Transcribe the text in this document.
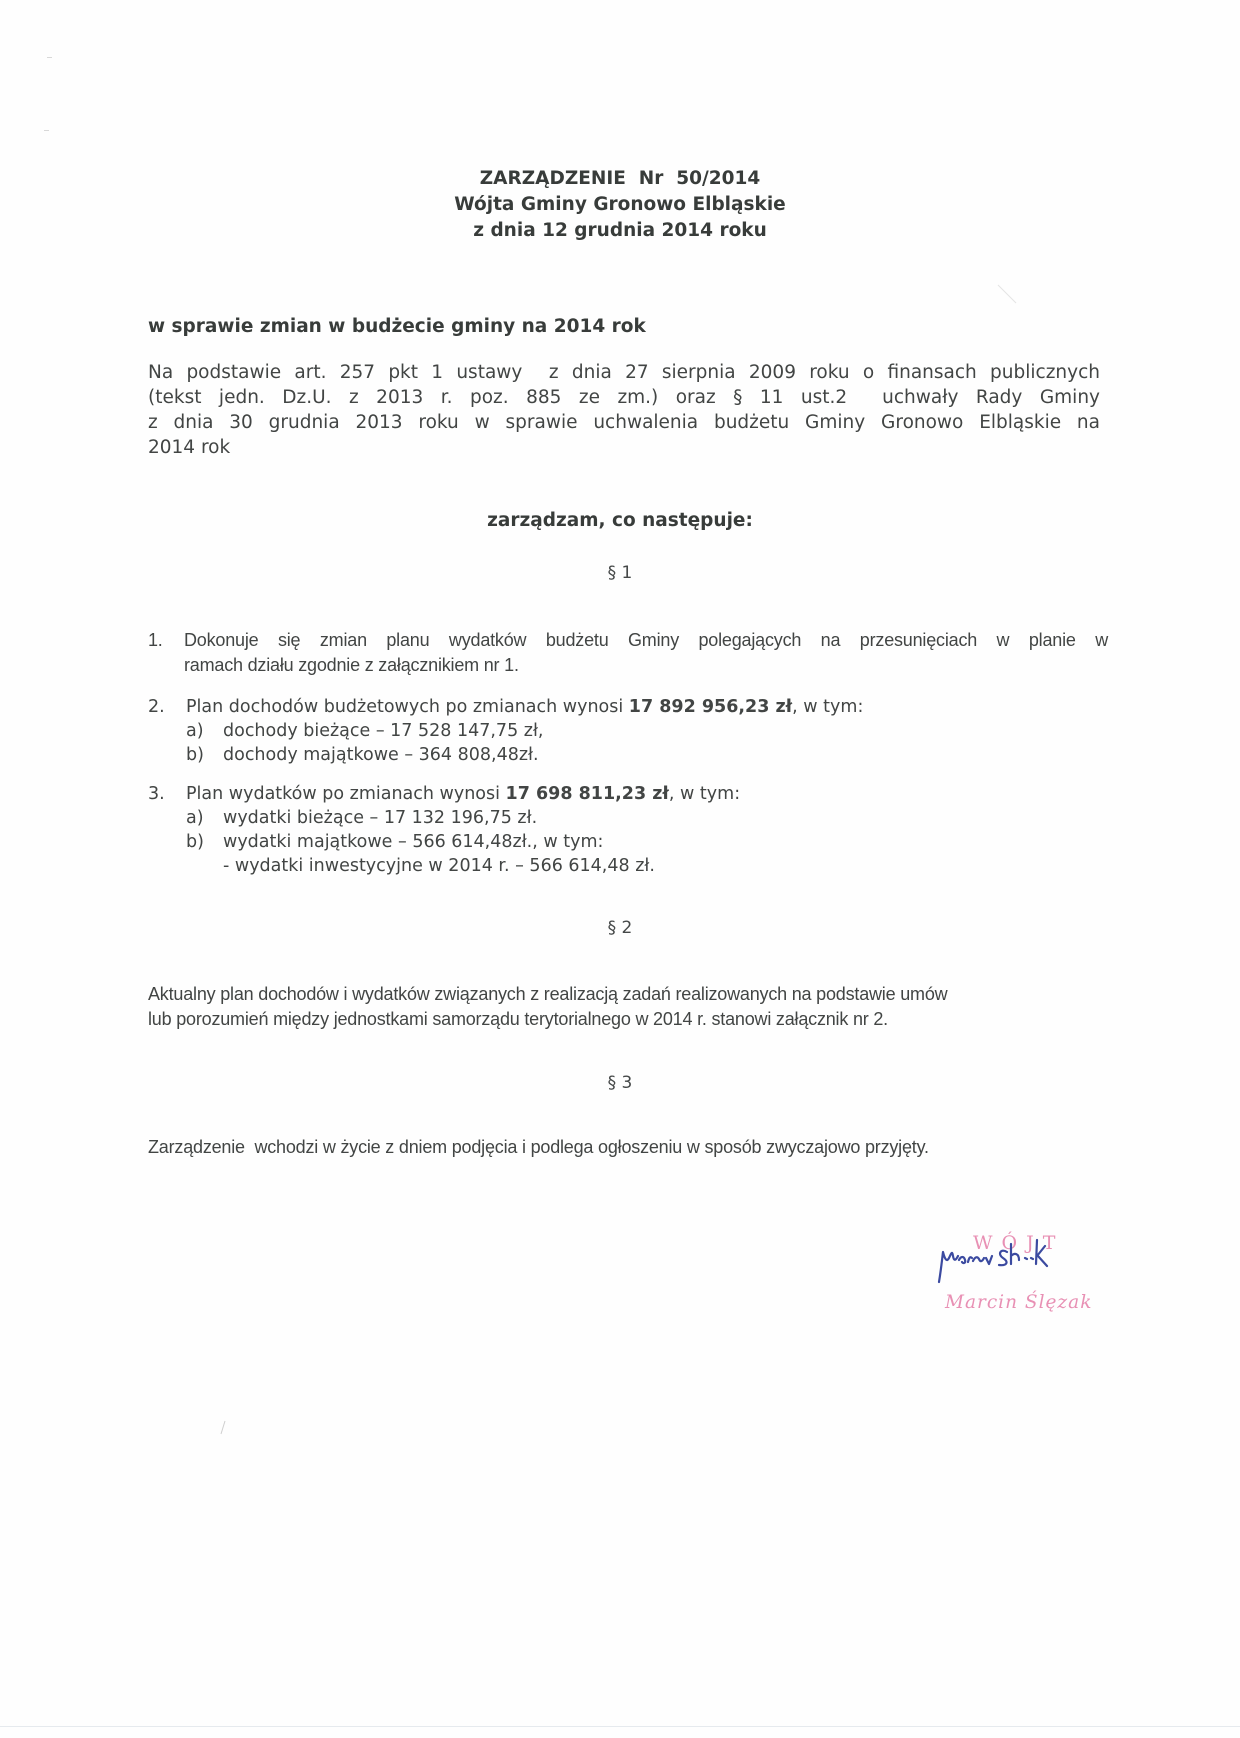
ZARZĄDZENIE  Nr  50/2014
Wójta Gminy Gronowo Elbląskie
z dnia 12 grudnia 2014 roku
w sprawie zmian w budżecie gminy na 2014 rok
Na podstawie art. 257 pkt 1 ustawy  z dnia 27 sierpnia 2009 roku o finansach publicznych
(tekst jedn. Dz.U. z 2013 r. poz. 885 ze zm.) oraz § 11 ust.2  uchwały Rady Gminy
z dnia 30 grudnia 2013 roku w sprawie uchwalenia budżetu Gminy Gronowo Elbląskie na
2014 rok
zarządzam, co następuje:
§ 1
1. Dokonuje się zmian planu wydatków budżetu Gminy polegających na przesunięciach w planie w
ramach działu zgodnie z załącznikiem nr 1.
2. Plan dochodów budżetowych po zmianach wynosi 17 892 956,23 zł, w tym:
a) dochody bieżące – 17 528 147,75 zł,
b) dochody majątkowe – 364 808,48zł.
3. Plan wydatków po zmianach wynosi 17 698 811,23 zł, w tym:
a) wydatki bieżące – 17 132 196,75 zł.
b) wydatki majątkowe – 566 614,48zł., w tym:
- wydatki inwestycyjne w 2014 r. – 566 614,48 zł.
§ 2
Aktualny plan dochodów i wydatków związanych z realizacją zadań realizowanych na podstawie umów
lub porozumień między jednostkami samorządu terytorialnego w 2014 r. stanowi załącznik nr 2.
§ 3
Zarządzenie  wchodzi w życie z dniem podjęcia i podlega ogłoszeniu w sposób zwyczajowo przyjęty.
WÓJT
Marcin Ślęzak
